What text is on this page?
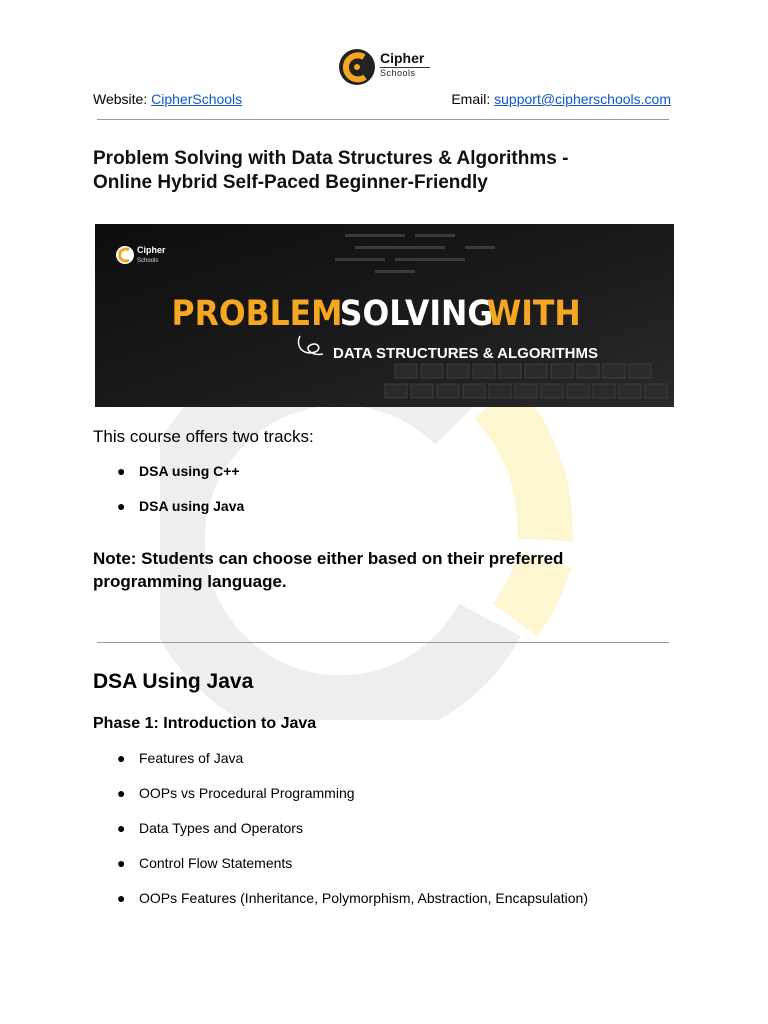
Cipher
Schools
Website: CipherSchools	Email: support@cipherschools.com
Problem Solving with Data Structures & Algorithms -
Online Hybrid Self-Paced Beginner-Friendly
Cipher
Schools
PROBLEM
SOLVING
WITH
DATA STRUCTURES & ALGORITHMS
This course offers two tracks:
● DSA using C++
● DSA using Java
Note: Students can choose either based on their preferred
programming language.
DSA Using Java
Phase 1: Introduction to Java
● Features of Java
● OOPs vs Procedural Programming
● Data Types and Operators
● Control Flow Statements
● OOPs Features (Inheritance, Polymorphism, Abstraction, Encapsulation)
